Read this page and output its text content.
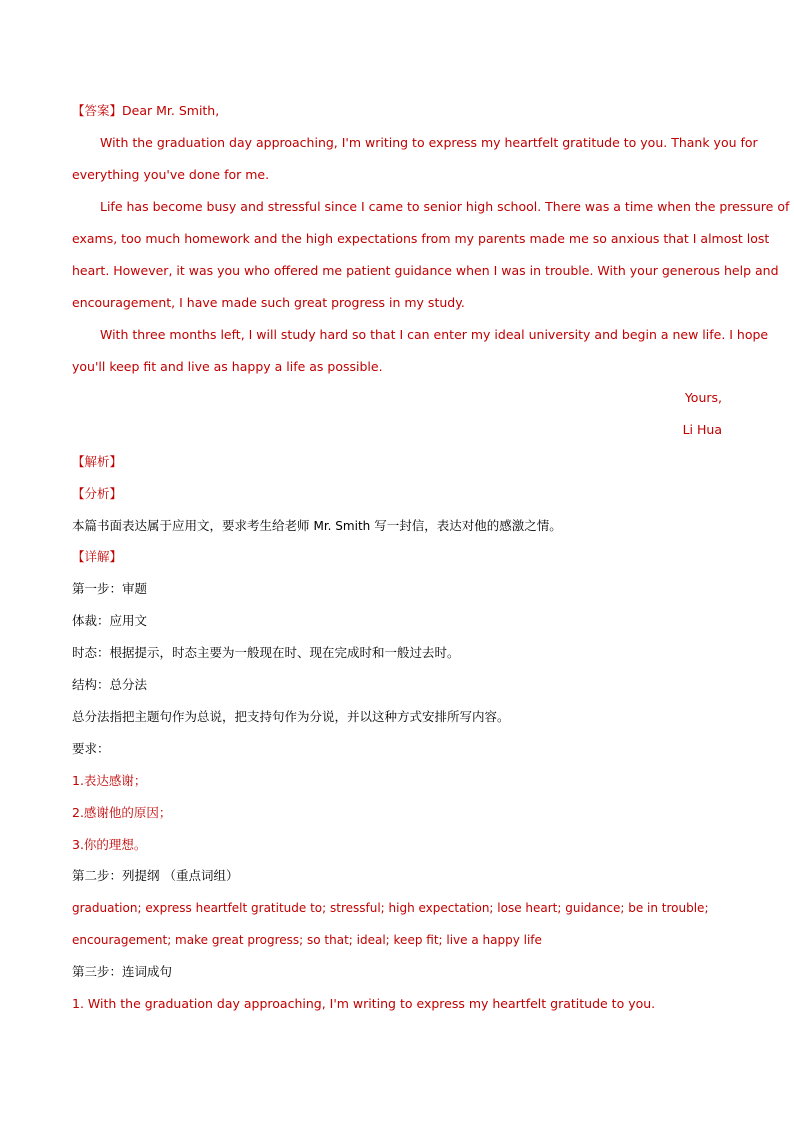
【答案】Dear Mr. Smith,
With the graduation day approaching, I'm writing to express my heartfelt gratitude to you. Thank you for
everything you've done for me.
Life has become busy and stressful since I came to senior high school. There was a time when the pressure of
exams, too much homework and the high expectations from my parents made me so anxious that I almost lost
heart. However, it was you who offered me patient guidance when I was in trouble. With your generous help and
encouragement, I have made such great progress in my study.
With three months left, I will study hard so that I can enter my ideal university and begin a new life. I hope
you'll keep fit and live as happy a life as possible.
Yours,
Li Hua
【解析】
【分析】
本篇书面表达属于应用文，要求考生给老师 Mr. Smith 写一封信，表达对他的感激之情。
【详解】
第一步：审题
体裁：应用文
时态：根据提示，时态主要为一般现在时、现在完成时和一般过去时。
结构：总分法
总分法指把主题句作为总说，把支持句作为分说，并以这种方式安排所写内容。
要求：
1.表达感谢；
2.感谢他的原因；
3.你的理想。
第二步：列提纲 （重点词组）
graduation; express heartfelt gratitude to; stressful; high expectation; lose heart; guidance; be in trouble;
encouragement; make great progress; so that; ideal; keep fit; live a happy life
第三步：连词成句
1. With the graduation day approaching, I'm writing to express my heartfelt gratitude to you.
